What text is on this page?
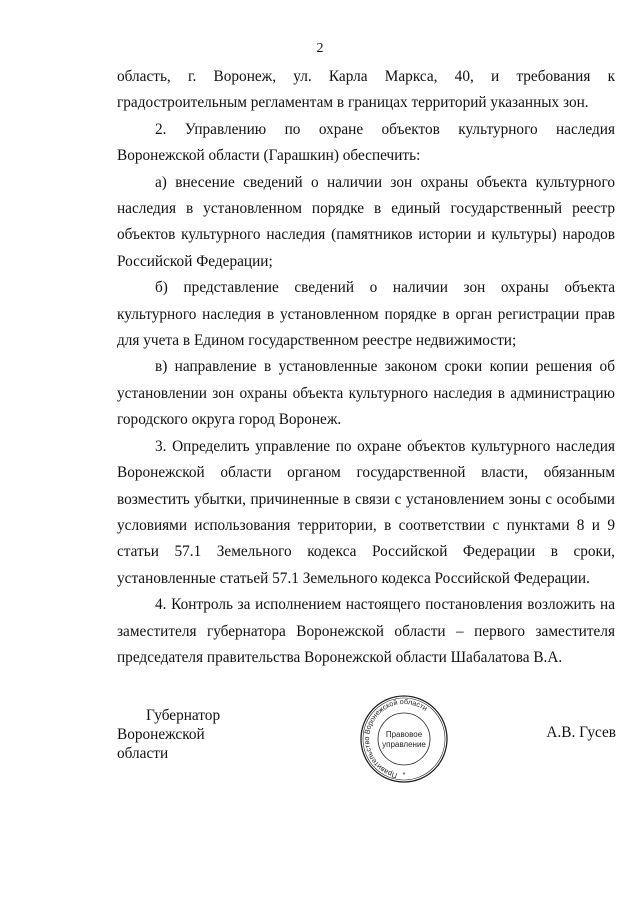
2

область, г. Воронеж, ул. Карла Маркса, 40, и требования к градостроительным регламентам в границах территорий указанных зон.

2. Управлению по охране объектов культурного наследия Воронежской области (Гарашкин) обеспечить:

а) внесение сведений о наличии зон охраны объекта культурного наследия в установленном порядке в единый государственный реестр объектов культурного наследия (памятников истории и культуры) народов Российской Федерации;

б) представление сведений о наличии зон охраны объекта культурного наследия в установленном порядке в орган регистрации прав для учета в Едином государственном реестре недвижимости;

в) направление в установленные законом сроки копии решения об установлении зон охраны объекта культурного наследия в администрацию городского округа город Воронеж.

3. Определить управление по охране объектов культурного наследия Воронежской области органом государственной власти, обязанным возместить убытки, причиненные в связи с установлением зоны с особыми условиями использования территории, в соответствии с пунктами 8 и 9 статьи 57.1 Земельного кодекса Российской Федерации в сроки, установленные статьей 57.1 Земельного кодекса Российской Федерации.

4. Контроль за исполнением настоящего постановления возложить на заместителя губернатора Воронежской области – первого заместителя председателя правительства Воронежской области Шабалатова В.А.

Губернатор
Воронежской области
Правительство Воронежской области
Правовое
управление
*
А.В. Гусев
